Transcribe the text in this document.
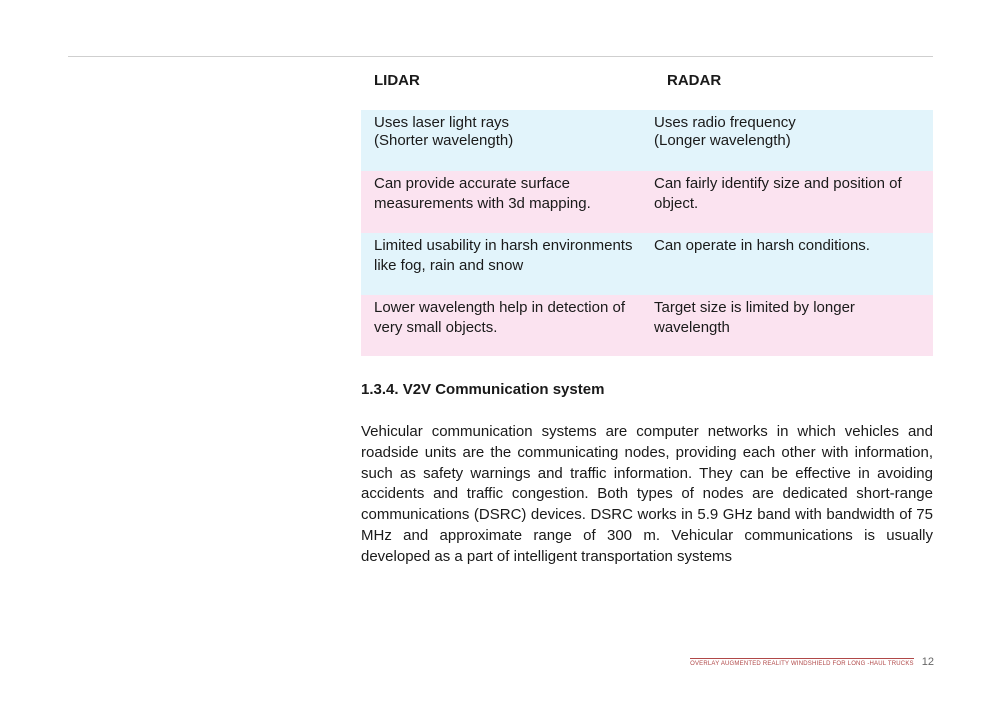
LIDAR	RADAR
Uses laser light rays (Shorter wavelength)
Uses radio frequency (Longer wavelength)
Can provide accurate surface measurements with 3d mapping.
Can fairly identify size and position of object.
Limited usability in harsh environments like fog, rain and snow
Can operate in harsh conditions.
Lower wavelength help in detection of very small objects.
Target size is limited by longer wavelength
1.3.4. V2V Communication system
Vehicular communication systems are computer networks in which vehicles and roadside units are the communicating nodes, providing each other with information, such as safety warnings and traffic information. They can be effective in avoiding accidents and traffic congestion. Both types of nodes are dedicated short-range communications (DSRC) devices. DSRC works in 5.9 GHz band with bandwidth of 75 MHz and approximate range of 300 m. Vehicular communications is usually developed as a part of intelligent transportation systems
OVERLAY AUGMENTED REALITY WINDSHIELD FOR LONG -HAUL TRUCKS 12
